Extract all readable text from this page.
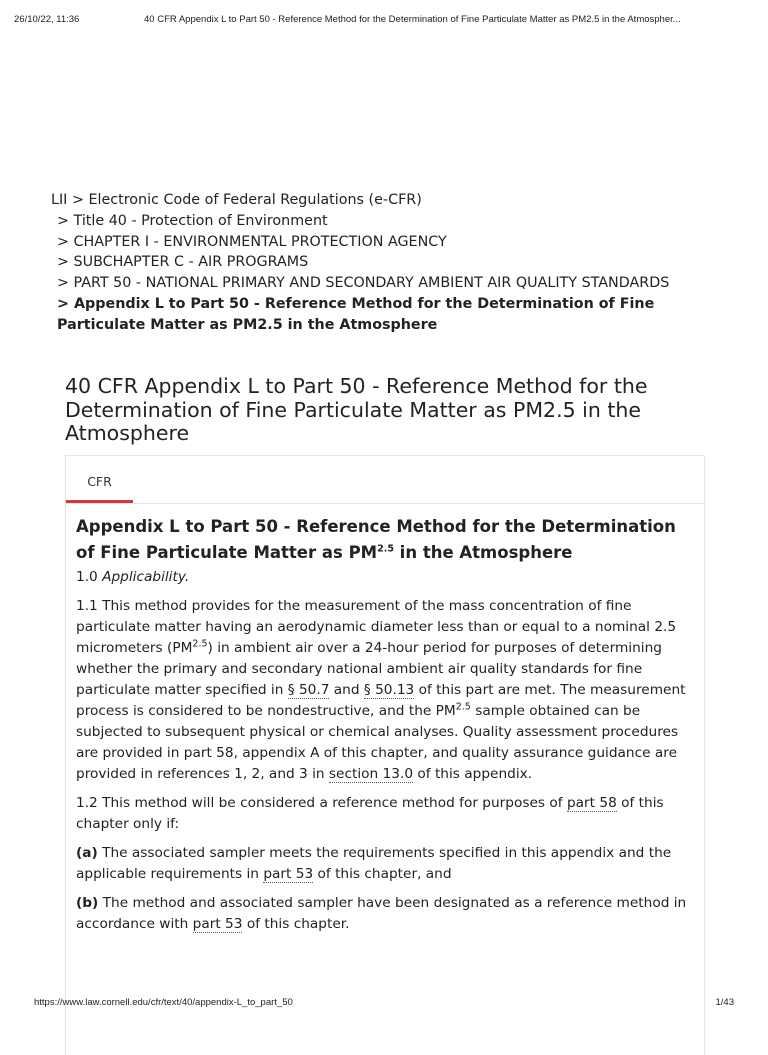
26/10/22, 11:36	40 CFR Appendix L to Part 50 - Reference Method for the Determination of Fine Particulate Matter as PM2.5 in the Atmospher...
LII > Electronic Code of Federal Regulations (e-CFR)
> Title 40 - Protection of Environment
> CHAPTER I - ENVIRONMENTAL PROTECTION AGENCY
> SUBCHAPTER C - AIR PROGRAMS
> PART 50 - NATIONAL PRIMARY AND SECONDARY AMBIENT AIR QUALITY STANDARDS
> Appendix L to Part 50 - Reference Method for the Determination of Fine Particulate Matter as PM2.5 in the Atmosphere
40 CFR Appendix L to Part 50 - Reference Method for the Determination of Fine Particulate Matter as PM2.5 in the Atmosphere
CFR
Appendix L to Part 50 - Reference Method for the Determination of Fine Particulate Matter as $PM^{2.5}$ in the Atmosphere

1.0 Applicability.

1.1 This method provides for the measurement of the mass concentration of fine particulate matter having an aerodynamic diameter less than or equal to a nominal 2.5 micrometers $(PM^{2.5})$ in ambient air over a 24-hour period for purposes of determining whether the primary and secondary national ambient air quality standards for fine particulate matter specified in § 50.7 and § 50.13 of this part are met. The measurement process is considered to be nondestructive, and the $PM^{2.5}$ sample obtained can be subjected to subsequent physical or chemical analyses. Quality assessment procedures are provided in part 58, appendix A of this chapter, and quality assurance guidance are provided in references 1, 2, and 3 in section 13.0 of this appendix.

1.2 This method will be considered a reference method for purposes of part 58 of this chapter only if:

(a) The associated sampler meets the requirements specified in this appendix and the applicable requirements in part 53 of this chapter, and

(b) The method and associated sampler have been designated as a reference method in accordance with part 53 of this chapter.

https://www.law.cornell.edu/cfr/text/40/appendix-L_to_part_50	1/43
